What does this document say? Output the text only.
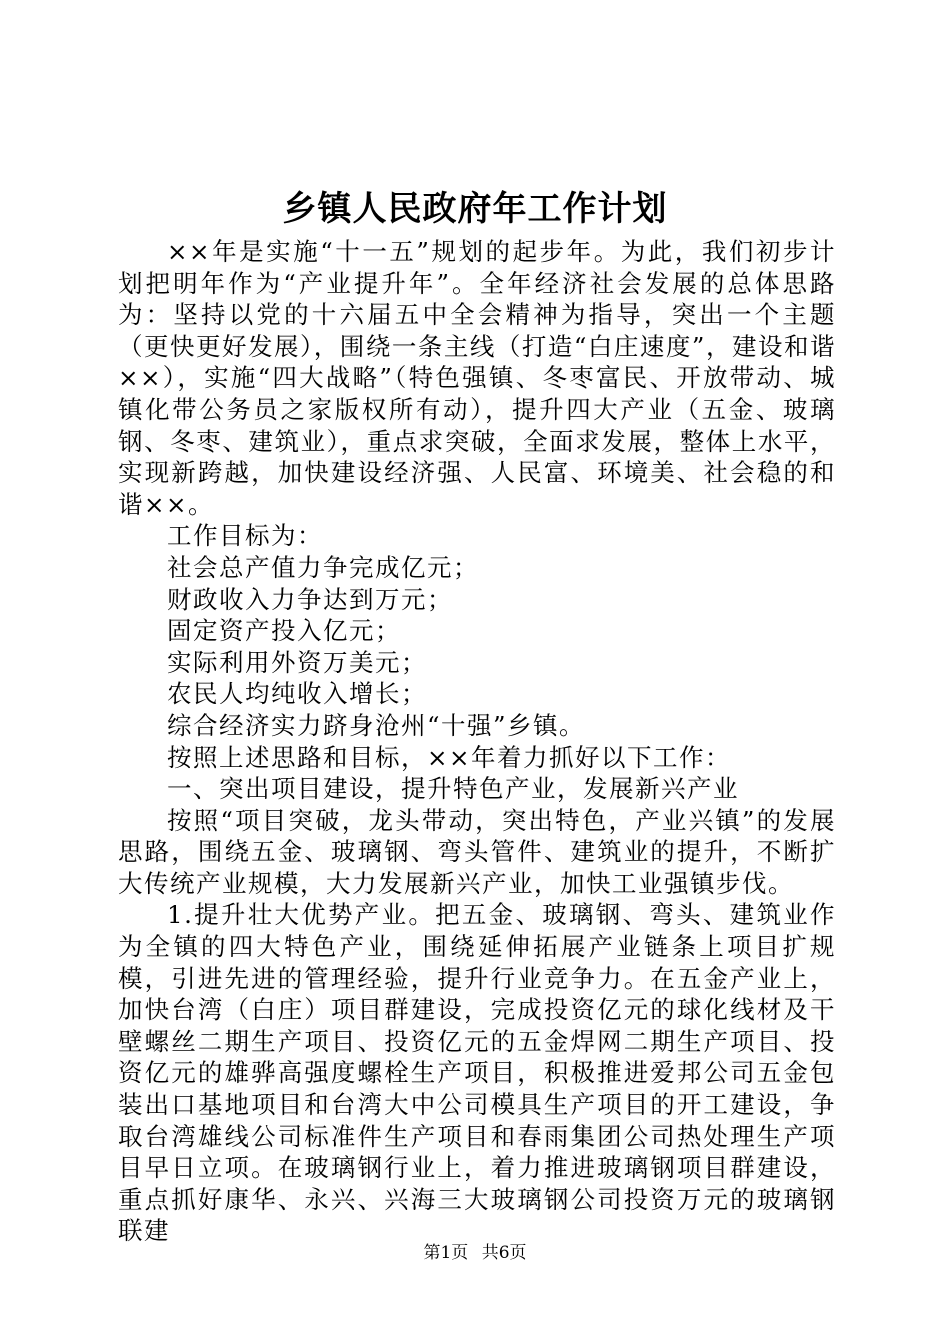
乡镇人民政府年工作计划

××年是实施“十一五”规划的起步年。为此，我们初步计划把明年作为“产业提升年”。全年经济社会发展的总体思路为：坚持以党的十六届五中全会精神为指导，突出一个主题（更快更好发展），围绕一条主线（打造“白庄速度”，建设和谐××），实施“四大战略”（特色强镇、冬枣富民、开放带动、城镇化带公务员之家版权所有动），提升四大产业（五金、玻璃钢、冬枣、建筑业），重点求突破，全面求发展，整体上水平，实现新跨越，加快建设经济强、人民富、环境美、社会稳的和谐××。

工作目标为：

社会总产值力争完成亿元；

财政收入力争达到万元；

固定资产投入亿元；

实际利用外资万美元；

农民人均纯收入增长；

综合经济实力跻身沧州“十强”乡镇。

按照上述思路和目标，××年着力抓好以下工作：

一、突出项目建设，提升特色产业，发展新兴产业

按照“项目突破，龙头带动，突出特色，产业兴镇”的发展思路，围绕五金、玻璃钢、弯头管件、建筑业的提升，不断扩大传统产业规模，大力发展新兴产业，加快工业强镇步伐。

1.提升壮大优势产业。把五金、玻璃钢、弯头、建筑业作为全镇的四大特色产业，围绕延伸拓展产业链条上项目扩规模，引进先进的管理经验，提升行业竞争力。在五金产业上，加快台湾（白庄）项目群建设，完成投资亿元的球化线材及干壁螺丝二期生产项目、投资亿元的五金焊网二期生产项目、投资亿元的雄骅高强度螺栓生产项目，积极推进爱邦公司五金包装出口基地项目和台湾大中公司模具生产项目的开工建设，争取台湾雄线公司标准件生产项目和春雨集团公司热处理生产项目早日立项。在玻璃钢行业上，着力推进玻璃钢项目群建设，重点抓好康华、永兴、兴海三大玻璃钢公司投资万元的玻璃钢联建

第1页 共6页
